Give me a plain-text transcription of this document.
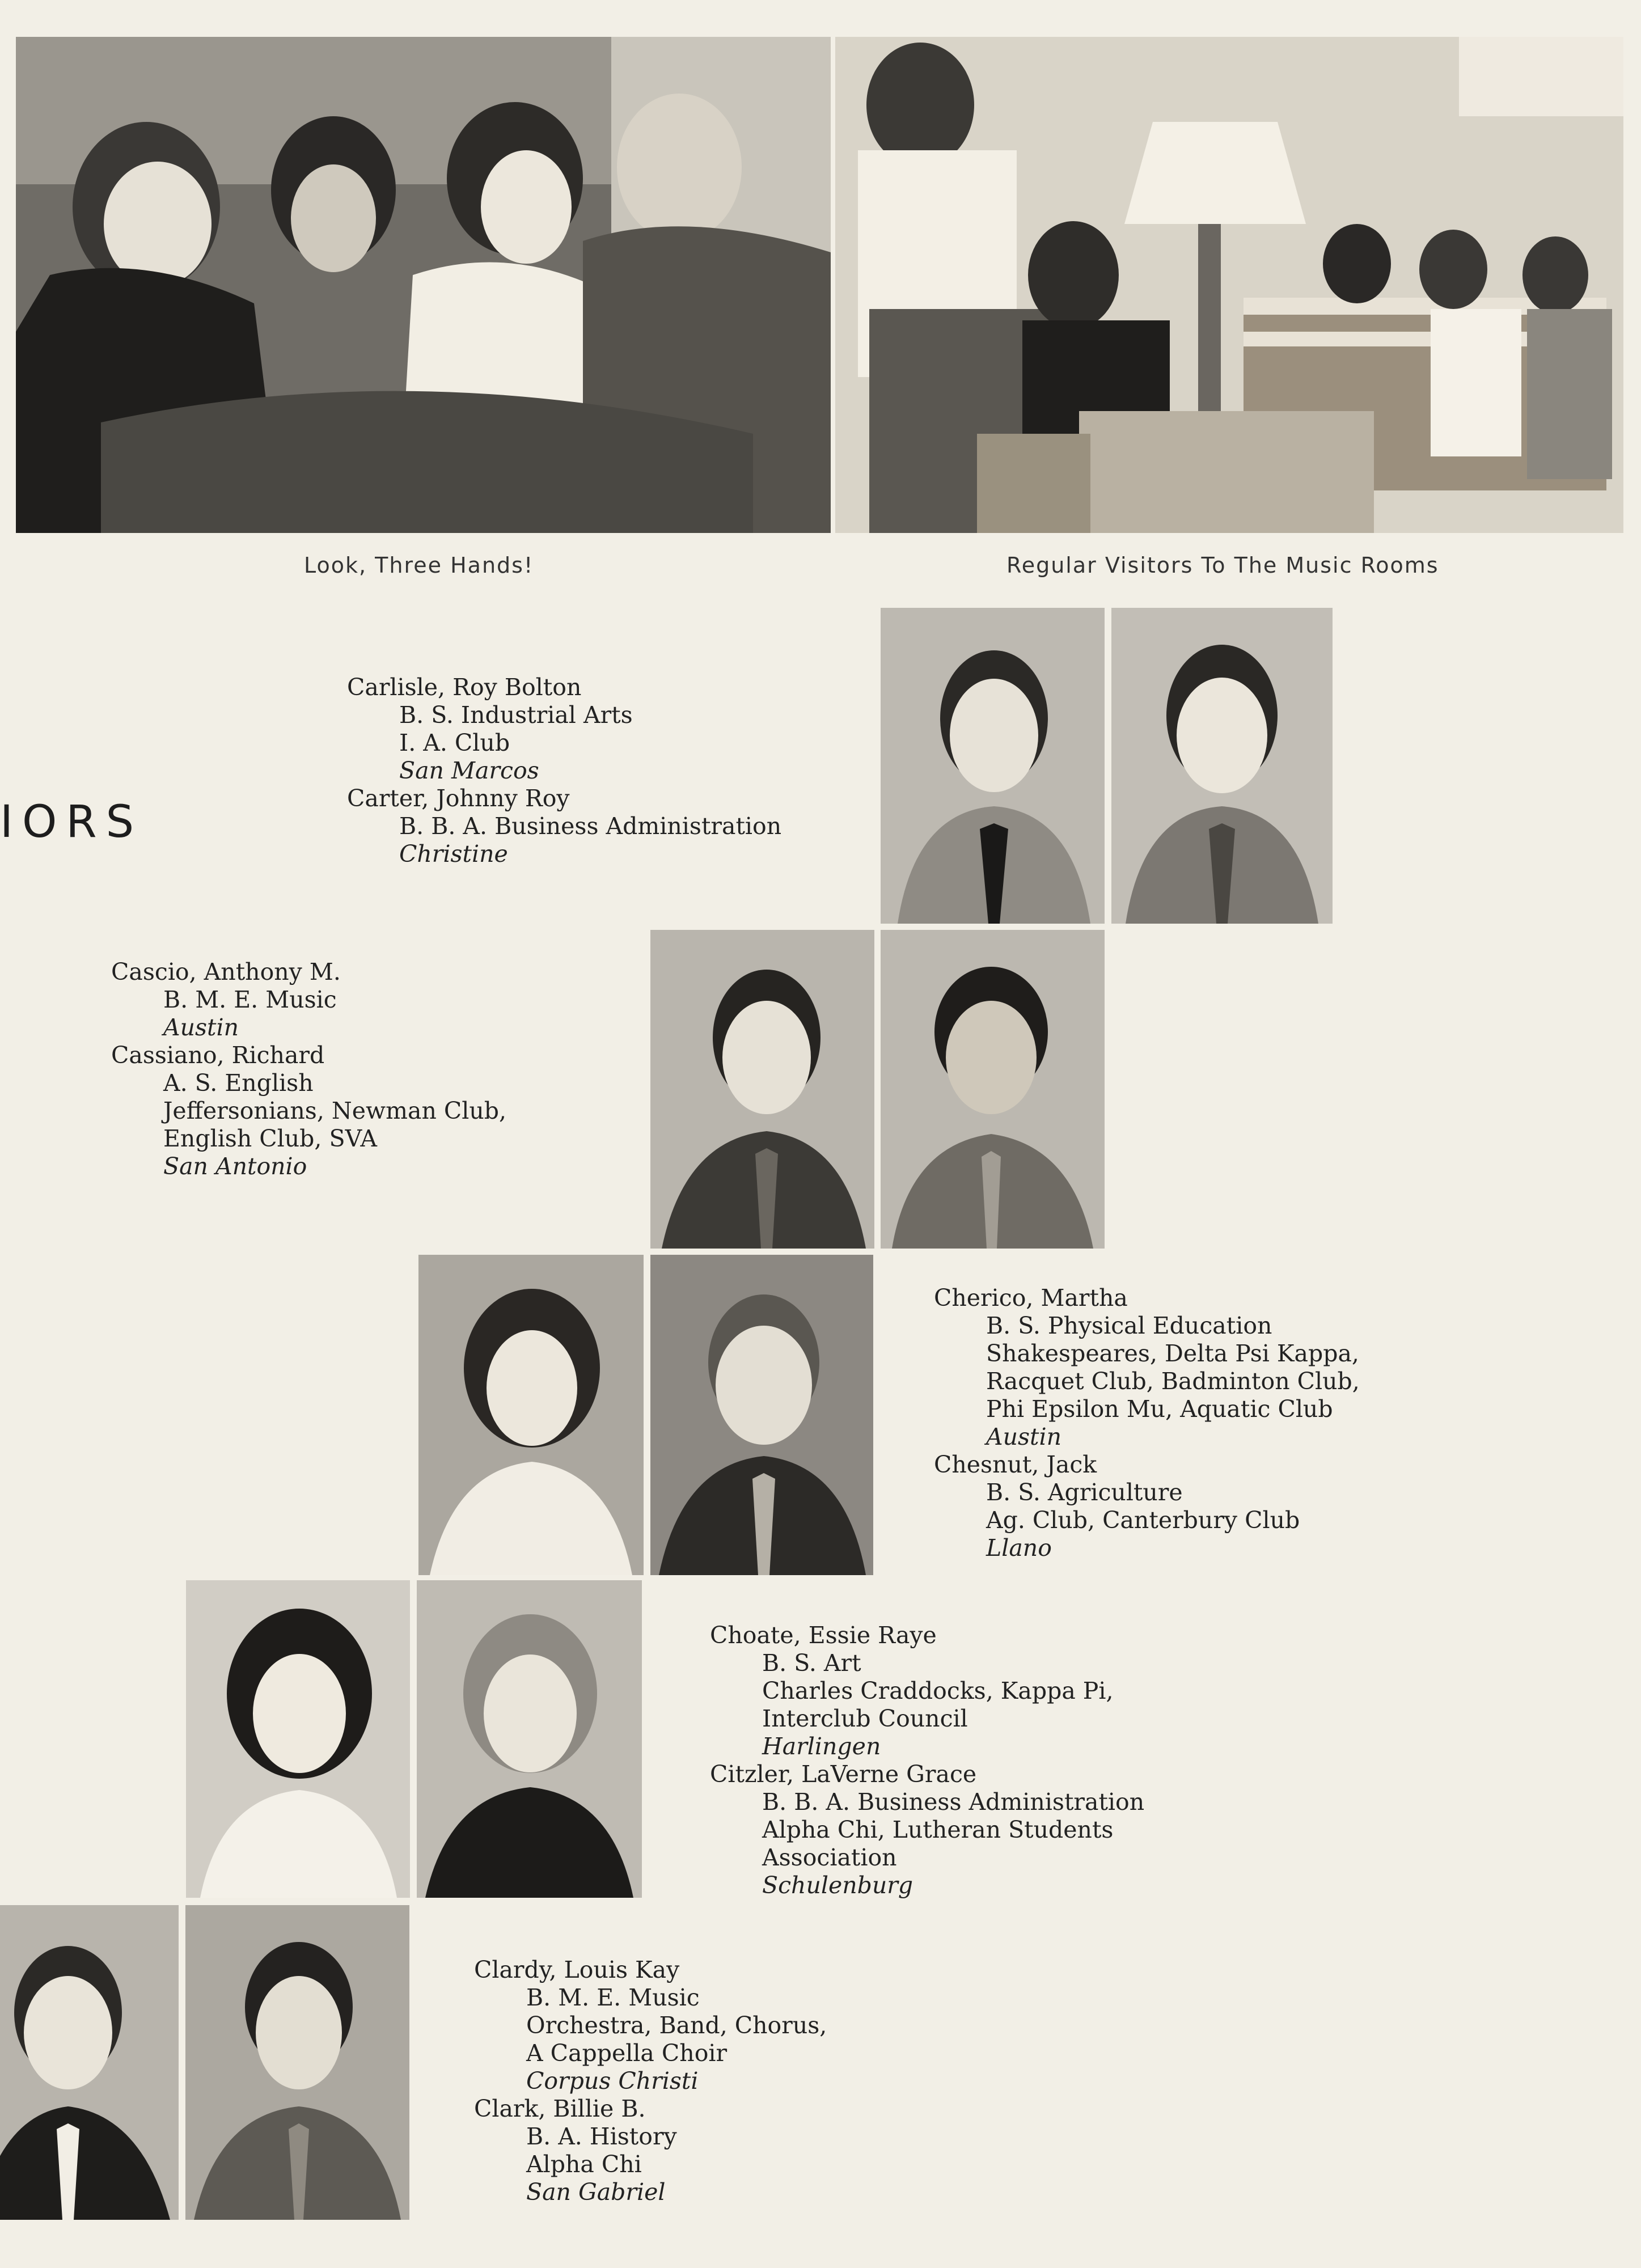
Look, Three Hands!	Regular Visitors To The Music Rooms
IORS
Carlisle, Roy Bolton
B. S. Industrial Arts
I. A. Club
San Marcos
Carter, Johnny Roy
B. B. A. Business Administration
Christine
Cascio, Anthony M.
B. M. E. Music
Austin
Cassiano, Richard
A. S. English
Jeffersonians, Newman Club,
English Club, SVA
San Antonio
Cherico, Martha
B. S. Physical Education
Shakespeares, Delta Psi Kappa,
Racquet Club, Badminton Club,
Phi Epsilon Mu, Aquatic Club
Austin
Chesnut, Jack
B. S. Agriculture
Ag. Club, Canterbury Club
Llano
Choate, Essie Raye
B. S. Art
Charles Craddocks, Kappa Pi,
Interclub Council
Harlingen
Citzler, LaVerne Grace
B. B. A. Business Administration
Alpha Chi, Lutheran Students
Association
Schulenburg
Clardy, Louis Kay
B. M. E. Music
Orchestra, Band, Chorus,
A Cappella Choir
Corpus Christi
Clark, Billie B.
B. A. History
Alpha Chi
San Gabriel
